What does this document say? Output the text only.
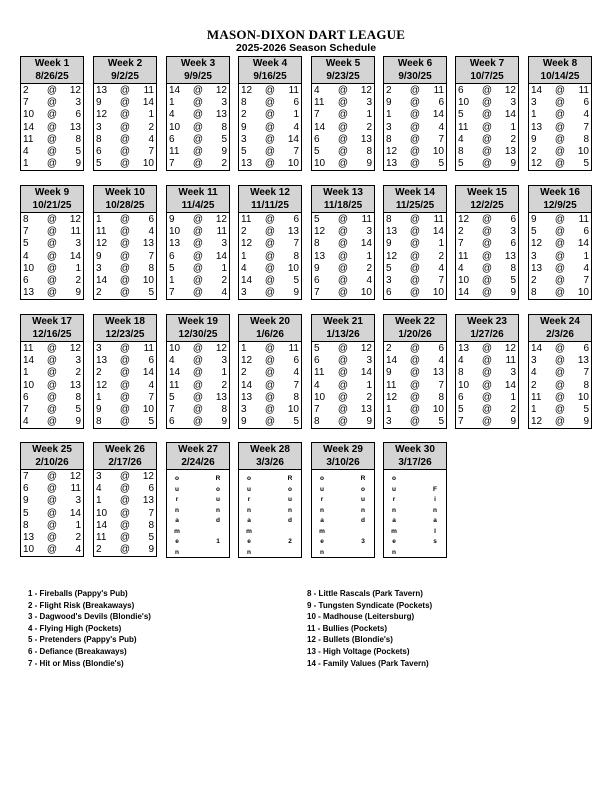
MASON-DIXON DART LEAGUE
2025-2026 Season Schedule
Week 1
8/26/25
2	@	12
7	@	3
10	@	6
14	@	13
11	@	8
4	@	5
1	@	9
Week 2
9/2/25
13	@	11
9	@	14
12	@	1
3	@	2
8	@	4
6	@	7
5	@	10
Week 3
9/9/25
14	@	12
1	@	3
4	@	13
10	@	8
6	@	5
11	@	9
7	@	2
Week 4
9/16/25
12	@	11
8	@	6
2	@	1
9	@	4
3	@	14
5	@	7
13	@	10
Week 5
9/23/25
4	@	12
11	@	3
7	@	1
14	@	2
6	@	13
5	@	8
10	@	9
Week 6
9/30/25
2	@	11
9	@	6
1	@	14
3	@	4
8	@	7
12	@	10
13	@	5
Week 7
10/7/25
6	@	12
10	@	3
5	@	14
11	@	1
4	@	2
8	@	13
5	@	9
Week 8
10/14/25
14	@	11
3	@	6
1	@	4
13	@	7
9	@	8
2	@	10
12	@	5
Week 9
10/21/25
8	@	12
7	@	11
5	@	3
4	@	14
10	@	1
6	@	2
13	@	9
Week 10
10/28/25
1	@	6
11	@	4
12	@	13
9	@	7
3	@	8
14	@	10
2	@	5
Week 11
11/4/25
9	@	12
10	@	11
13	@	3
6	@	14
5	@	1
1	@	2
7	@	4
Week 12
11/11/25
11	@	6
2	@	13
12	@	7
1	@	8
4	@	10
14	@	5
3	@	9
Week 13
11/18/25
5	@	11
12	@	3
8	@	14
13	@	1
9	@	2
6	@	4
7	@	10
Week 14
11/25/25
8	@	11
13	@	14
9	@	1
12	@	2
5	@	4
3	@	7
6	@	10
Week 15
12/2/25
12	@	6
2	@	3
7	@	6
11	@	13
4	@	8
10	@	5
14	@	9
Week 16
12/9/25
9	@	11
5	@	6
12	@	14
3	@	1
13	@	4
2	@	7
8	@	10
Week 17
12/16/25
11	@	12
14	@	3
1	@	2
10	@	13
6	@	8
7	@	5
4	@	9
Week 18
12/23/25
3	@	11
13	@	6
2	@	14
12	@	4
1	@	7
9	@	10
8	@	5
Week 19
12/30/25
10	@	12
4	@	3
14	@	1
11	@	2
5	@	13
7	@	8
6	@	9
Week 20
1/6/26
1	@	11
12	@	6
2	@	4
14	@	7
13	@	8
3	@	10
9	@	5
Week 21
1/13/26
5	@	12
6	@	3
11	@	14
4	@	1
10	@	2
7	@	13
8	@	9
Week 22
1/20/26
2	@	6
14	@	4
9	@	13
11	@	7
12	@	8
1	@	10
3	@	5
Week 23
1/27/26
13	@	12
4	@	11
8	@	3
10	@	14
6	@	1
5	@	2
7	@	9
Week 24
2/3/26
14	@	6
3	@	13
4	@	7
2	@	8
11	@	10
1	@	5
12	@	9
Week 25
2/10/26
7	@	12
6	@	11
9	@	3
5	@	14
8	@	1
13	@	2
10	@	4
Week 26
2/17/26
3	@	12
4	@	6
1	@	13
10	@	7
14	@	8
11	@	5
2	@	9
Week 27
2/24/26
o
u
r
n
a
m
e
n
R
o
u
n
d
1
Week 28
3/3/26
o
u
r
n
a
m
e
n
R
o
u
n
d
2
Week 29
3/10/26
o
u
r
n
a
m
e
n
R
o
u
n
d
3
Week 30
3/17/26
o
u
r
n
a
m
e
n
F
i
n
a
l
s
1 - Fireballs (Pappy's Pub)
2 - Flight Risk (Breakaways)
3 - Dagwood's Devils (Blondie's)
4 - Flying High (Pockets)
5 - Pretenders (Pappy's Pub)
6 - Defiance (Breakaways)
7 - Hit or Miss (Blondie's)
8 - Little Rascals (Park Tavern)
9 - Tungsten Syndicate (Pockets)
10 - Madhouse (Leitersburg)
11 - Bullies (Pockets)
12 - Bullets (Blondie's)
13 - High Voltage (Pockets)
14 - Family Values (Park Tavern)
